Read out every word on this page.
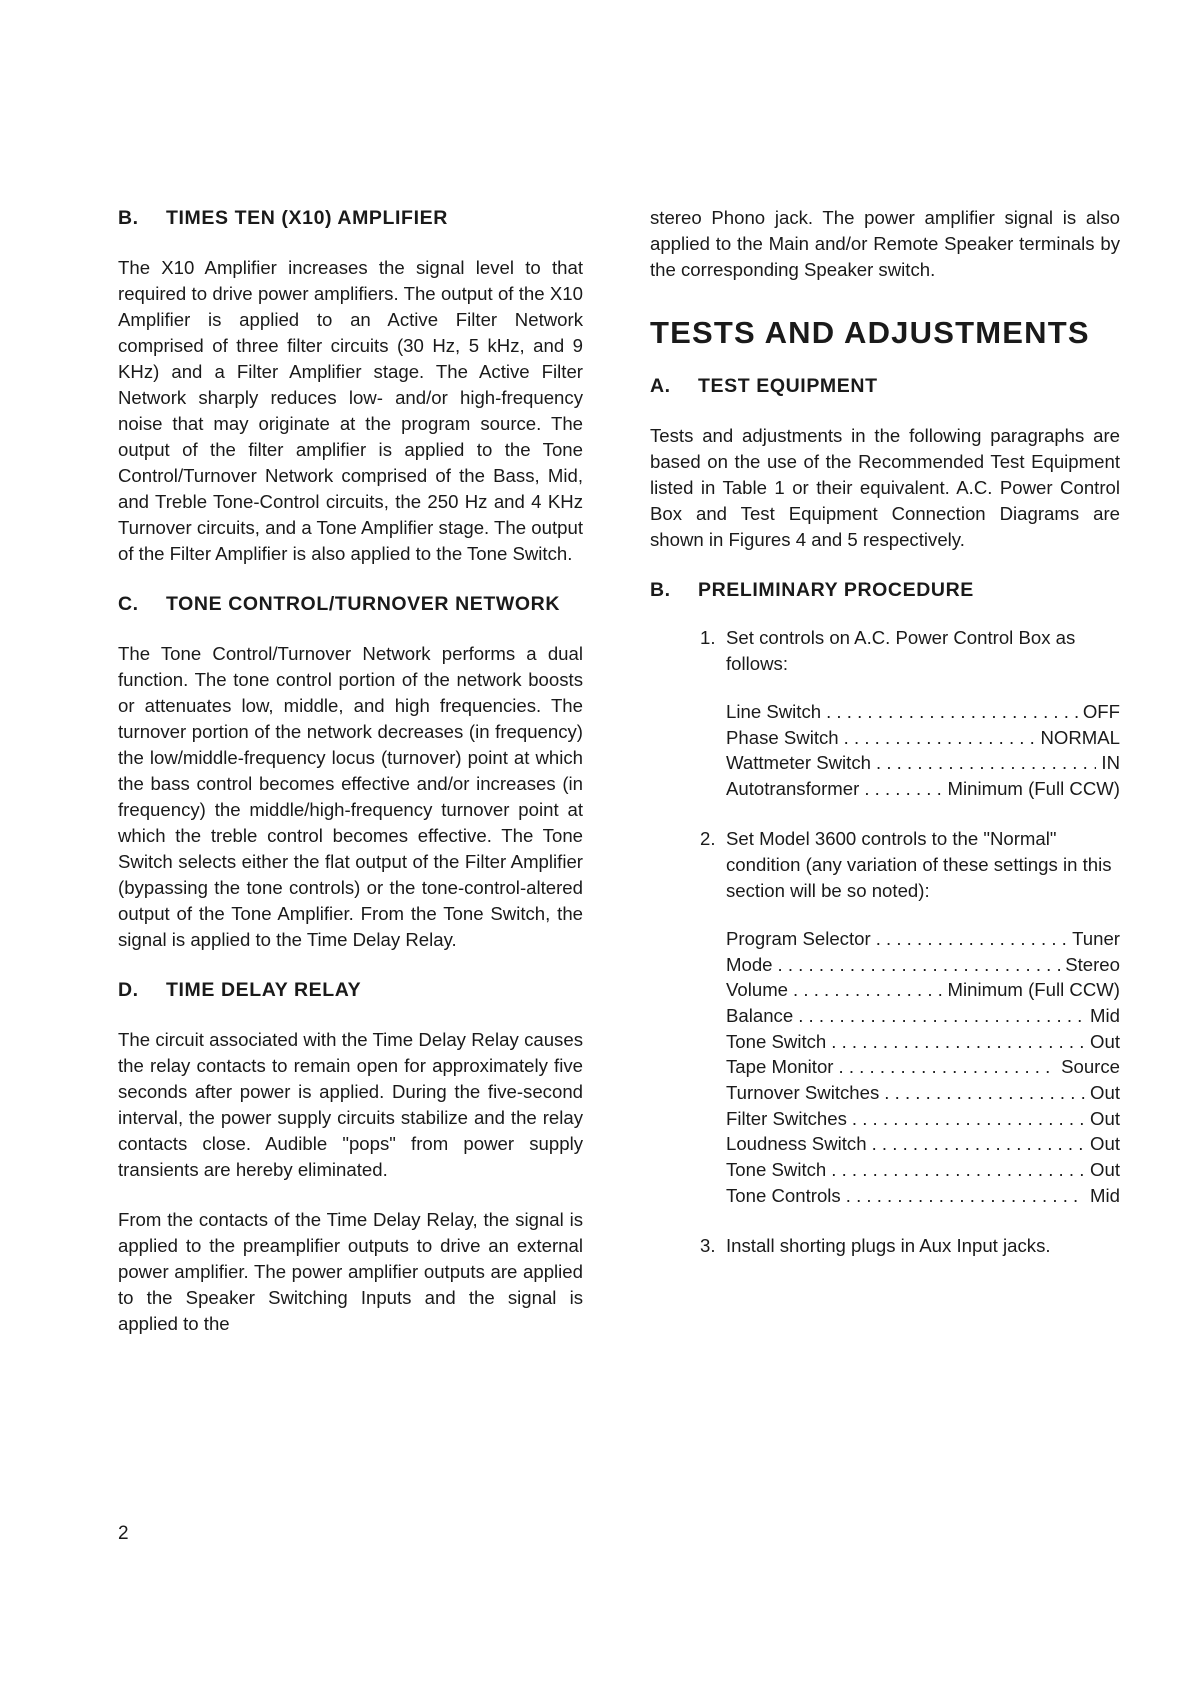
B. TIMES TEN (X10) AMPLIFIER

The X10 Amplifier increases the signal level to that required to drive power amplifiers. The output of the X10 Amplifier is applied to an Active Filter Network comprised of three filter circuits (30 Hz, 5 kHz, and 9 KHz) and a Filter Amplifier stage. The Active Filter Network sharply reduces low- and/or high-frequency noise that may originate at the program source. The output of the filter amplifier is applied to the Tone Control/Turnover Network comprised of the Bass, Mid, and Treble Tone-Control circuits, the 250 Hz and 4 KHz Turnover circuits, and a Tone Amplifier stage. The output of the Filter Amplifier is also applied to the Tone Switch.

C. TONE CONTROL/TURNOVER NETWORK

The Tone Control/Turnover Network performs a dual function. The tone control portion of the network boosts or attenuates low, middle, and high frequencies. The turnover portion of the network decreases (in frequency) the low/middle-frequency locus (turnover) point at which the bass control becomes effective and/or increases (in frequency) the middle/high-frequency turnover point at which the treble control becomes effective. The Tone Switch selects either the flat output of the Filter Amplifier (bypassing the tone controls) or the tone-control-altered output of the Tone Amplifier. From the Tone Switch, the signal is applied to the Time Delay Relay.

D. TIME DELAY RELAY

The circuit associated with the Time Delay Relay causes the relay contacts to remain open for approximately five seconds after power is applied. During the five-second interval, the power supply circuits stabilize and the relay contacts close. Audible "pops" from power supply transients are hereby eliminated.

From the contacts of the Time Delay Relay, the signal is applied to the preamplifier outputs to drive an external power amplifier. The power amplifier outputs are applied to the Speaker Switching Inputs and the signal is applied to the

stereo Phono jack. The power amplifier signal is also applied to the Main and/or Remote Speaker terminals by the corresponding Speaker switch.

TESTS AND ADJUSTMENTS
A. TEST EQUIPMENT

Tests and adjustments in the following paragraphs are based on the use of the Recommended Test Equipment listed in Table 1 or their equivalent. A.C. Power Control Box and Test Equipment Connection Diagrams are shown in Figures 4 and 5 respectively.

B. PRELIMINARY PROCEDURE
1. Set controls on A.C. Power Control Box as follows:
Line Switch . . .	OFF
Phase Switch . . .	NORMAL
Wattmeter Switch . . .	IN
Autotransformer . . .	Minimum (Full CCW)
2. Set Model 3600 controls to the "Normal" condition (any variation of these settings in this section will be so noted):
Program Selector . . .	Tuner
Mode . . .	Stereo
Volume . . .	Minimum (Full CCW)
Balance . . .	Mid
Tone Switch . . .	Out
Tape Monitor . . .	Source
Turnover Switches . . .	Out
Filter Switches . . .	Out
Loudness Switch . . .	Out
Tone Switch . . .	Out
Tone Controls . . .	Mid
3. Install shorting plugs in Aux Input jacks.

2
